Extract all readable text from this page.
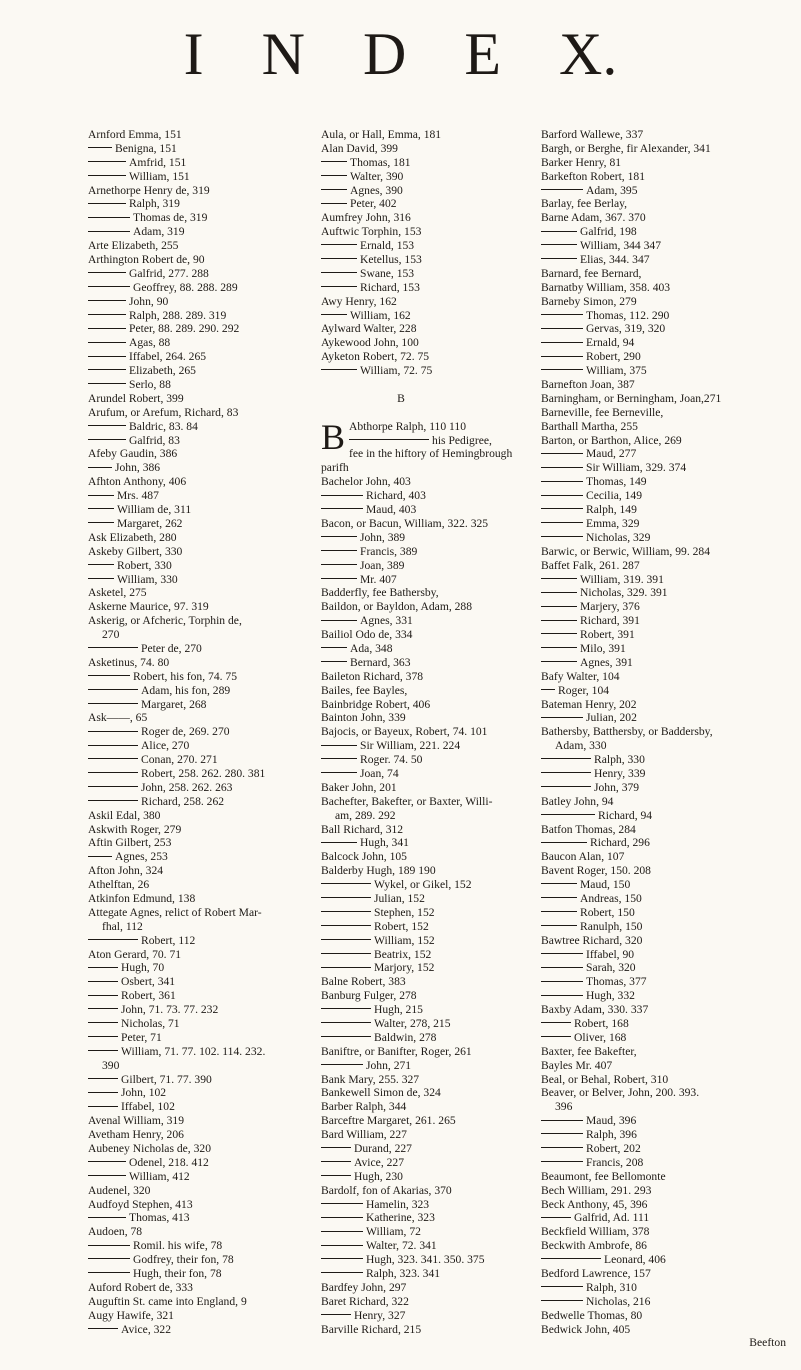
I N D E X.
Arnford Emma, 151
Benigna, 151
Amfrid, 151
William, 151
Arnethorpe Henry de, 319
Ralph, 319
Thomas de, 319
Adam, 319
Arte Elizabeth, 255
Arthington Robert de, 90
Galfrid, 277. 288
Geoffrey, 88. 288. 289
John, 90
Ralph, 288. 289. 319
Peter, 88. 289. 290. 292
Agas, 88
Iffabel, 264. 265
Elizabeth, 265
Serlo, 88
Arundel Robert, 399
Arufum, or Arefum, Richard, 83
Baldric, 83. 84
Galfrid, 83
Afeby Gaudin, 386
John, 386
Afhton Anthony, 406
Mrs. 487
William de, 311
Margaret, 262
Ask Elizabeth, 280
Askeby Gilbert, 330
Robert, 330
William, 330
Asketel, 275
Askerne Maurice, 97. 319
Askerig, or Afcheric, Torphin de,
270
Peter de, 270
Asketinus, 74. 80
Robert, his fon, 74. 75
Adam, his fon, 289
Margaret, 268
Ask——, 65
Roger de, 269. 270
Alice, 270
Conan, 270. 271
Robert, 258. 262. 280. 381
John, 258. 262. 263
Richard, 258. 262
Askil Edal, 380
Askwith Roger, 279
Aftin Gilbert, 253
Agnes, 253
Afton John, 324
Athelftan, 26
Atkinfon Edmund, 138
Attegate Agnes, relict of Robert Mar-
fhal, 112
Robert, 112
Aton Gerard, 70. 71
Hugh, 70
Osbert, 341
Robert, 361
John, 71. 73. 77. 232
Nicholas, 71
Peter, 71
William, 71. 77. 102. 114. 232.
390
Gilbert, 71. 77. 390
John, 102
Iffabel, 102
Avenal William, 319
Avetham Henry, 206
Aubeney Nicholas de, 320
Odenel, 218. 412
William, 412
Audenel, 320
Audfoyd Stephen, 413
Thomas, 413
Audoen, 78
Romil. his wife, 78
Godfrey, their fon, 78
Hugh, their fon, 78
Auford Robert de, 333
Auguftin St. came into England, 9
Augy Hawife, 321
Avice, 322
Aula, or Hall, Emma, 181
Alan David, 399
Thomas, 181
Walter, 390
Agnes, 390
Peter, 402
Aumfrey John, 316
Auftwic Torphin, 153
Ernald, 153
Ketellus, 153
Swane, 153
Richard, 153
Awy Henry, 162
William, 162
Aylward Walter, 228
Aykewood John, 100
Ayketon Robert, 72. 75
William, 72. 75
B
B Abthorpe Ralph, 110 110
his Pedigree,
fee in the hiftory of Hemingbrough
parifh
Bachelor John, 403
Richard, 403
Maud, 403
Bacon, or Bacun, William, 322. 325
John, 389
Francis, 389
Joan, 389
Mr. 407
Badderfly, fee Bathersby,
Baildon, or Bayldon, Adam, 288
Agnes, 331
Bailiol Odo de, 334
Ada, 348
Bernard, 363
Baileton Richard, 378
Bailes, fee Bayles,
Bainbridge Robert, 406
Bainton John, 339
Bajocis, or Bayeux, Robert, 74. 101
Sir William, 221. 224
Roger. 74. 50
Joan, 74
Baker John, 201
Bachefter, Bakefter, or Baxter, Willi-
am, 289. 292
Ball Richard, 312
Hugh, 341
Balcock John, 105
Balderby Hugh, 189 190
Wykel, or Gikel, 152
Julian, 152
Stephen, 152
Robert, 152
William, 152
Beatrix, 152
Marjory, 152
Balne Robert, 383
Banburg Fulger, 278
Hugh, 215
Walter, 278, 215
Baldwin, 278
Baniftre, or Banifter, Roger, 261
John, 271
Bank Mary, 255. 327
Bankewell Simon de, 324
Barber Ralph, 344
Barceftre Margaret, 261. 265
Bard William, 227
Durand, 227
Avice, 227
Hugh, 230
Bardolf, fon of Akarias, 370
Hamelin, 323
Katherine, 323
William, 72
Walter, 72. 341
Hugh, 323. 341. 350. 375
Ralph, 323. 341
Bardfey John, 297
Baret Richard, 322
Henry, 327
Barville Richard, 215
Barford Wallewe, 337
Bargh, or Berghe, fir Alexander, 341
Barker Henry, 81
Barkefton Robert, 181
Adam, 395
Barlay, fee Berlay,
Barne Adam, 367. 370
Galfrid, 198
William, 344 347
Elias, 344. 347
Barnard, fee Bernard,
Barnatby William, 358. 403
Barneby Simon, 279
Thomas, 112. 290
Gervas, 319, 320
Ernald, 94
Robert, 290
William, 375
Barnefton Joan, 387
Barningham, or Berningham, Joan,271
Barneville, fee Berneville,
Barthall Martha, 255
Barton, or Barthon, Alice, 269
Maud, 277
Sir William, 329. 374
Thomas, 149
Cecilia, 149
Ralph, 149
Emma, 329
Nicholas, 329
Barwic, or Berwic, William, 99. 284
Baffet Falk, 261. 287
William, 319. 391
Nicholas, 329. 391
Marjery, 376
Richard, 391
Robert, 391
Milo, 391
Agnes, 391
Bafy Walter, 104
Roger, 104
Bateman Henry, 202
Julian, 202
Bathersby, Batthersby, or Baddersby,
Adam, 330
Ralph, 330
Henry, 339
John, 379
Batley John, 94
Richard, 94
Batfon Thomas, 284
Richard, 296
Baucon Alan, 107
Bavent Roger, 150. 208
Maud, 150
Andreas, 150
Robert, 150
Ranulph, 150
Bawtree Richard, 320
Iffabel, 90
Sarah, 320
Thomas, 377
Hugh, 332
Baxby Adam, 330. 337
Robert, 168
Oliver, 168
Baxter, fee Bakefter,
Bayles Mr. 407
Beal, or Behal, Robert, 310
Beaver, or Belver, John, 200. 393.
396
Maud, 396
Ralph, 396
Robert, 202
Francis, 208
Beaumont, fee Bellomonte
Bech William, 291. 293
Beck Anthony, 45, 396
Galfrid, Ad. 111
Beckfield William, 378
Beckwith Ambrofe, 86
Leonard, 406
Bedford Lawrence, 157
Ralph, 310
Nicholas, 216
Bedwelle Thomas, 80
Bedwick John, 405
Beefton
